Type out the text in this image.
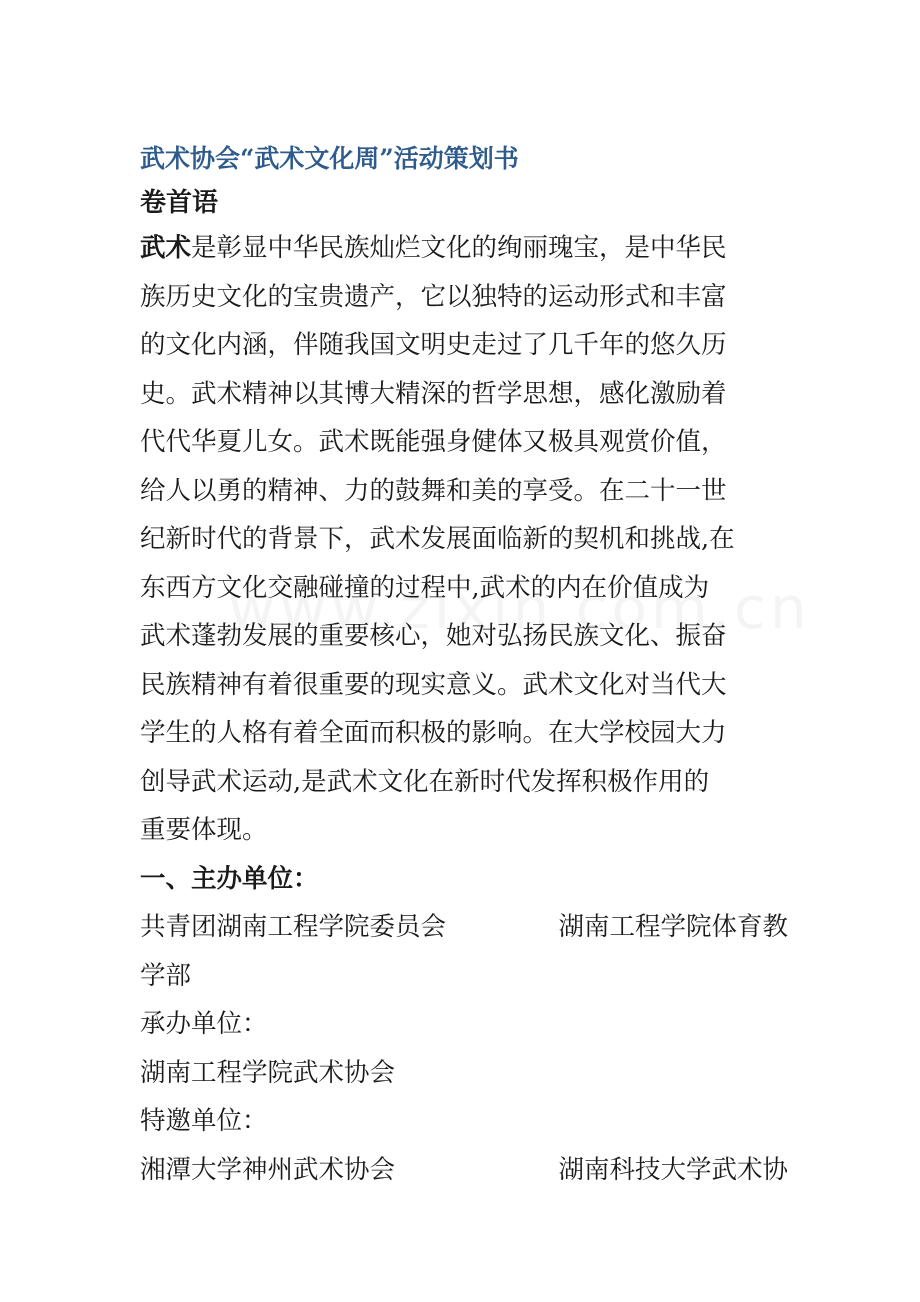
武术协会“武术文化周”活动策划书
卷首语
武术是彰显中华民族灿烂文化的绚丽瑰宝，是中华民
族历史文化的宝贵遗产，它以独特的运动形式和丰富
的文化内涵，伴随我国文明史走过了几千年的悠久历
史。武术精神以其博大精深的哲学思想，感化激励着
代代华夏儿女。武术既能强身健体又极具观赏价值，
给人以勇的精神、力的鼓舞和美的享受。在二十一世
纪新时代的背景下，武术发展面临新的契机和挑战,在
东西方文化交融碰撞的过程中,武术的内在价值成为
武术蓬勃发展的重要核心，她对弘扬民族文化、振奋
民族精神有着很重要的现实意义。武术文化对当代大
学生的人格有着全面而积极的影响。在大学校园大力
创导武术运动,是武术文化在新时代发挥积极作用的
重要体现。
一、主办单位：
共青团湖南工程学院委员会	湖南工程学院体育教
学部
承办单位：
湖南工程学院武术协会
特邀单位：
湘潭大学神州武术协会	湖南科技大学武术协
